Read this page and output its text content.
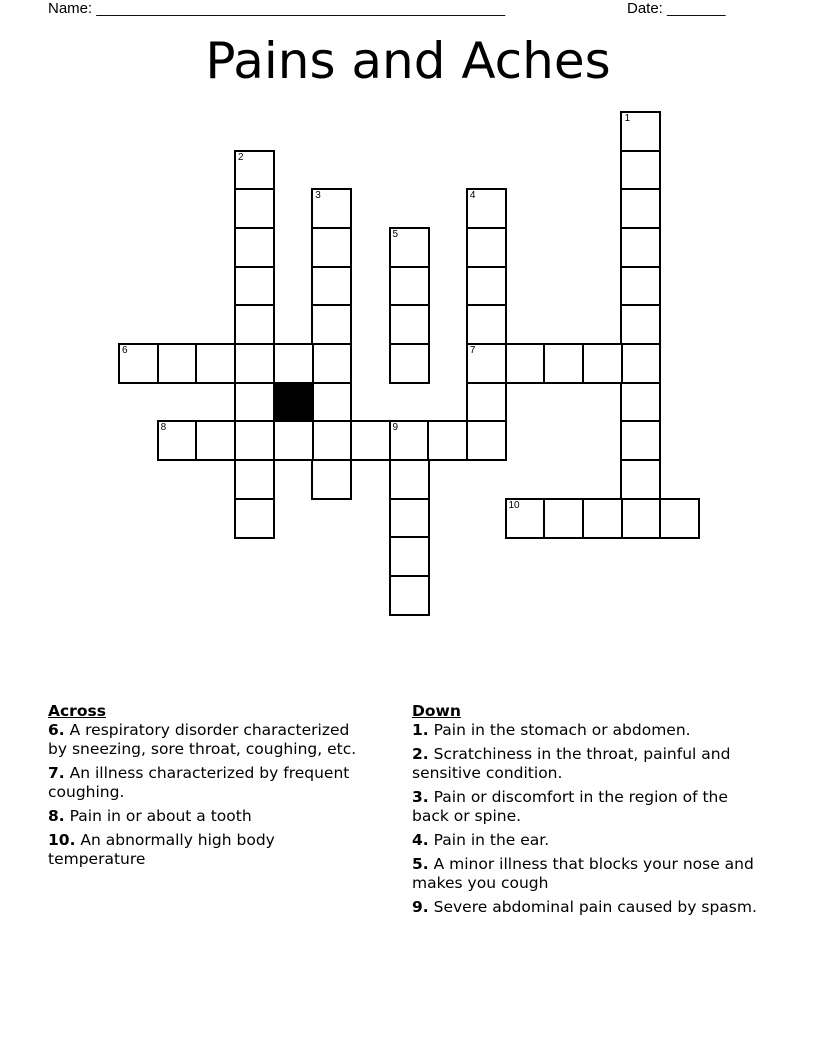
Name: _________________________________________________	Date: _______
Pains and Aches
1
2
3	4
7
5
6
8	9
10
Across
6. A respiratory disorder characterized by sneezing, sore throat, coughing, etc.
7. An illness characterized by frequent coughing.
8. Pain in or about a tooth
10. An abnormally high body temperature
Down
1. Pain in the stomach or abdomen.
2. Scratchiness in the throat, painful and sensitive condition.
3. Pain or discomfort in the region of the back or spine.
4. Pain in the ear.
5. A minor illness that blocks your nose and makes you cough
9. Severe abdominal pain caused by spasm.
